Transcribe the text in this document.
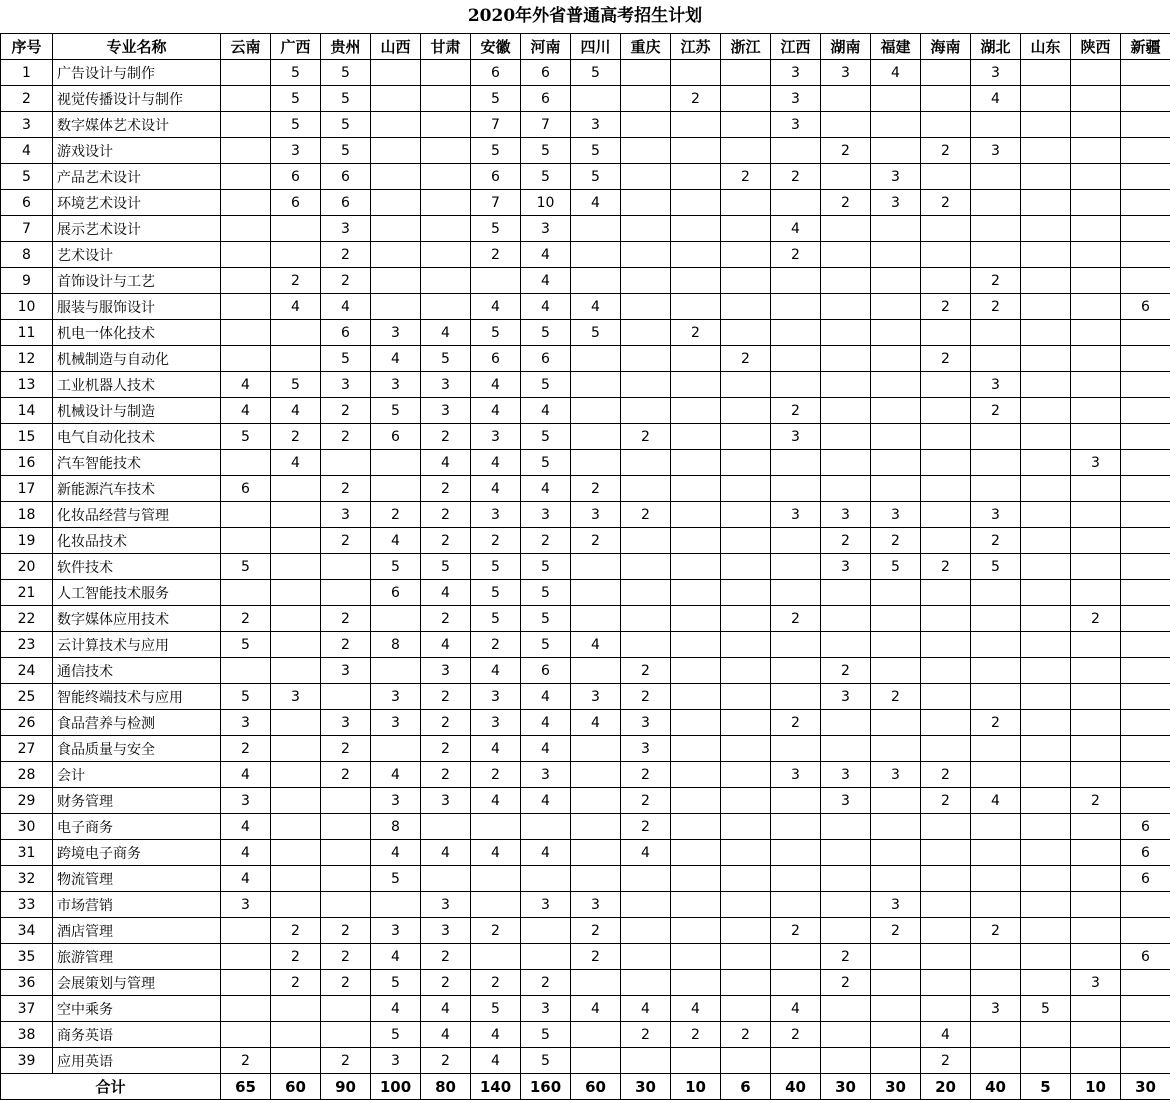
2020年外省普通高考招生计划
序号	专业名称	云南	广西	贵州	山西	甘肃	安徽	河南	四川	重庆	江苏	浙江	江西	湖南	福建	海南	湖北	山东	陕西	新疆
1	广告设计与制作		5	5			6	6	5				3	3	4		3			
2	视觉传播设计与制作		5	5			5	6			2		3				4			
3	数字媒体艺术设计		5	5			7	7	3				3							
4	游戏设计		3	5			5	5	5					2		2	3			
5	产品艺术设计		6	6			6	5	5			2	2		3					
6	环境艺术设计		6	6			7	10	4					2	3	2				
7	展示艺术设计			3			5	3					4							
8	艺术设计			2			2	4					2							
9	首饰设计与工艺		2	2				4									2			
10	服装与服饰设计		4	4			4	4	4							2	2			6
11	机电一体化技术			6	3	4	5	5	5		2									
12	机械制造与自动化			5	4	5	6	6				2				2				
13	工业机器人技术	4	5	3	3	3	4	5									3			
14	机械设计与制造	4	4	2	5	3	4	4					2				2			
15	电气自动化技术	5	2	2	6	2	3	5		2			3							
16	汽车智能技术		4			4	4	5											3	
17	新能源汽车技术	6		2		2	4	4	2											
18	化妆品经营与管理			3	2	2	3	3	3	2			3	3	3		3			
19	化妆品技术			2	4	2	2	2	2					2	2		2			
20	软件技术	5			5	5	5	5						3	5	2	5			
21	人工智能技术服务				6	4	5	5												
22	数字媒体应用技术	2		2		2	5	5					2						2	
23	云计算技术与应用	5		2	8	4	2	5	4											
24	通信技术			3		3	4	6		2				2						
25	智能终端技术与应用	5	3		3	2	3	4	3	2				3	2					
26	食品营养与检测	3		3	3	2	3	4	4	3			2				2			
27	食品质量与安全	2		2		2	4	4		3										
28	会计	4		2	4	2	2	3		2			3	3	3	2				
29	财务管理	3			3	3	4	4		2				3		2	4		2	
30	电子商务	4			8					2										6
31	跨境电子商务	4			4	4	4	4		4										6
32	物流管理	4			5															6
33	市场营销	3				3		3	3						3					
34	酒店管理		2	2	3	3	2		2				2		2		2			
35	旅游管理		2	2	4	2			2					2						6
36	会展策划与管理		2	2	5	2	2	2						2					3	
37	空中乘务				4	4	5	3	4	4	4		4				3	5		
38	商务英语				5	4	4	5		2	2	2	2			4				
39	应用英语	2		2	3	2	4	5								2				
合计		65	60	90	100	80	140	160	60	30	10	6	40	30	30	20	40	5	10	30
